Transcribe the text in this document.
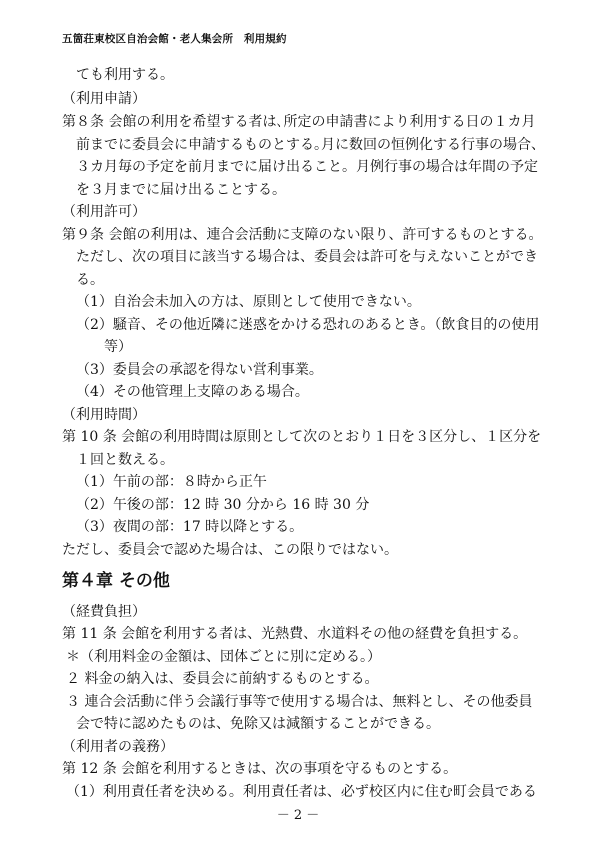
五箇荘東校区自治会館・老人集会所　利用規約
ても利用する。
（利用申請）
第８条 会館の利用を希望する者は､所定の申請書により利用する日の１カ月
前までに委員会に申請するものとする｡月に数回の恒例化する行事の場合、
３カ月毎の予定を前月までに届け出ること。月例行事の場合は年間の予定
を３月までに届け出ることする。
（利用許可）
第９条 会館の利用は、連合会活動に支障のない限り、許可するものとする。
ただし、次の項目に該当する場合は、委員会は許可を与えないことができ
る。
（1）自治会未加入の方は、原則として使用できない。
（2）騒音、その他近隣に迷惑をかける恐れのあるとき。（飲食目的の使用
等）
（3）委員会の承認を得ない営利事業。
（4）その他管理上支障のある場合。
（利用時間）
第 10 条 会館の利用時間は原則として次のとおり１日を３区分し、１区分を
１回と数える。
（1）午前の部：８時から正午
（2）午後の部：12 時 30 分から 16 時 30 分
（3）夜間の部：17 時以降とする。
ただし、委員会で認めた場合は、この限りではない。
第４章 その他
（経費負担）
第 11 条 会館を利用する者は、光熱費、水道料その他の経費を負担する。
＊（利用料金の金額は、団体ごとに別に定める。）
２ 料金の納入は、委員会に前納するものとする。
３ 連合会活動に伴う会議行事等で使用する場合は、無料とし、その他委員
会で特に認めたものは、免除又は減額することができる。
（利用者の義務）
第 12 条 会館を利用するときは、次の事項を守るものとする。
（1）利用責任者を決める。利用責任者は、必ず校区内に住む町会員である
－ 2 －
